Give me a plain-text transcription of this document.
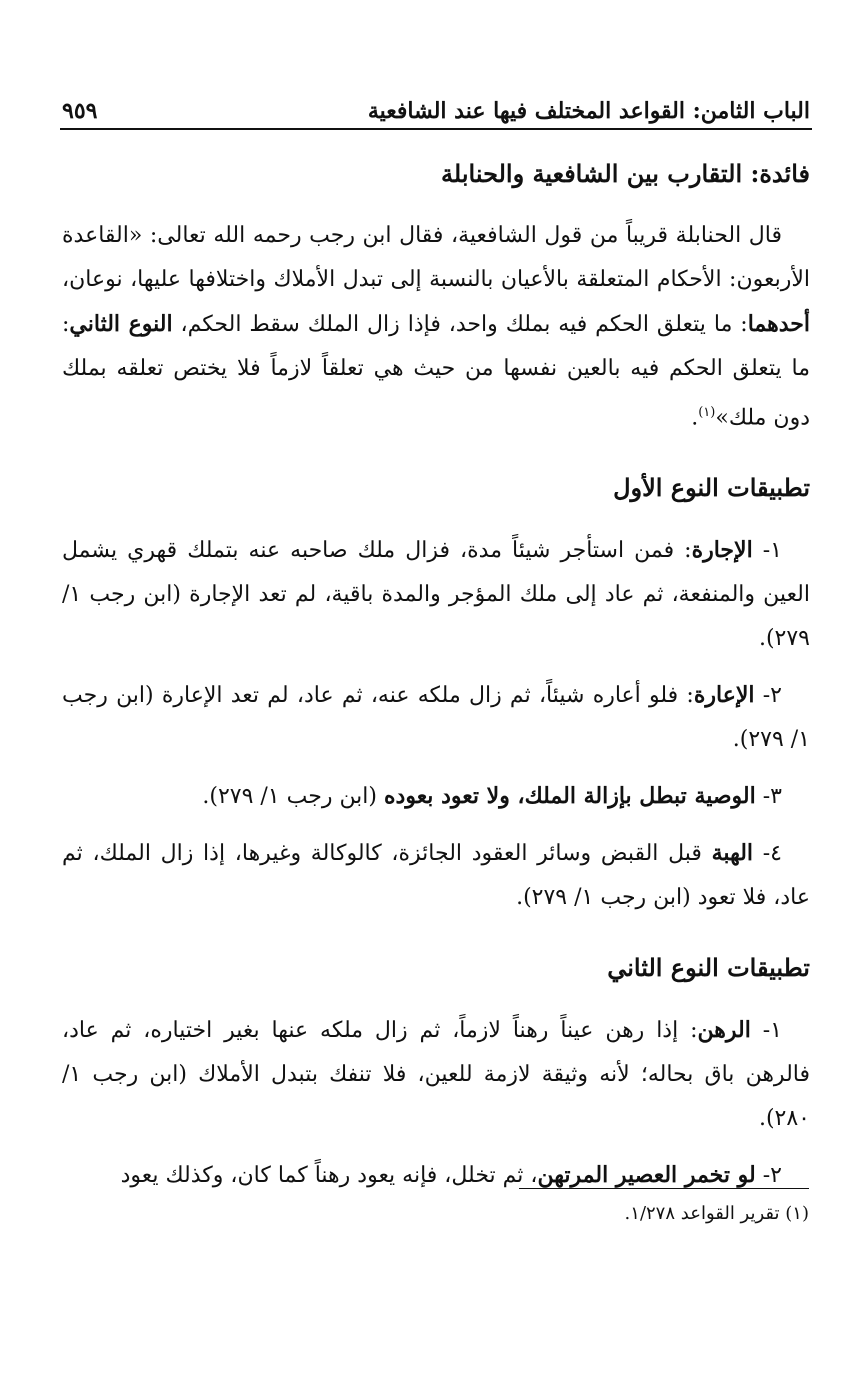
الباب الثامن: القواعد المختلف فيها عند الشافعية
٩٥٩
فائدة: التقارب بين الشافعية والحنابلة

قال الحنابلة قريباً من قول الشافعية، فقال ابن رجب رحمه الله تعالى: «القاعدة الأربعون: الأحكام المتعلقة بالأعيان بالنسبة إلى تبدل الأملاك واختلافها عليها، نوعان، أحدهما: ما يتعلق الحكم فيه بملك واحد، فإذا زال الملك سقط الحكم، النوع الثاني: ما يتعلق الحكم فيه بالعين نفسها من حيث هي تعلقاً لازماً فلا يختص تعلقه بملك دون ملك»$^{(١)}$.

تطبيقات النوع الأول

١- الإجارة: فمن استأجر شيئاً مدة، فزال ملك صاحبه عنه بتملك قهري يشمل العين والمنفعة، ثم عاد إلى ملك المؤجر والمدة باقية، لم تعد الإجارة (ابن رجب ١/ ٢٧٩).

٢- الإعارة: فلو أعاره شيئاً، ثم زال ملكه عنه، ثم عاد، لم تعد الإعارة (ابن رجب ١/ ٢٧٩).

٣- الوصية تبطل بإزالة الملك، ولا تعود بعوده (ابن رجب ١/ ٢٧٩).

٤- الهبة قبل القبض وسائر العقود الجائزة، كالوكالة وغيرها، إذا زال الملك، ثم عاد، فلا تعود (ابن رجب ١/ ٢٧٩).

تطبيقات النوع الثاني

١- الرهن: إذا رهن عيناً رهناً لازماً، ثم زال ملكه عنها بغير اختياره، ثم عاد، فالرهن باق بحاله؛ لأنه وثيقة لازمة للعين، فلا تنفك بتبدل الأملاك (ابن رجب ١/ ٢٨٠).

٢- لو تخمر العصير المرتهن، ثم تخلل، فإنه يعود رهناً كما كان، وكذلك يعود

(١) تقرير القواعد ١/٢٧٨.
